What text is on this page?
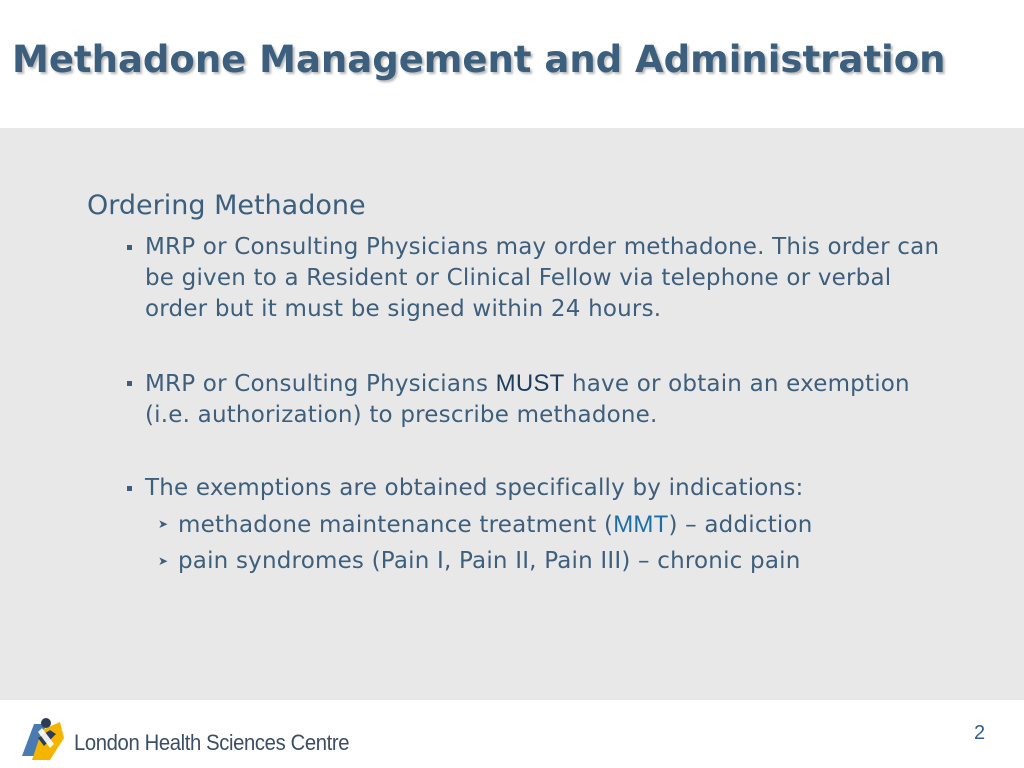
Methadone Management and Administration
Ordering Methadone
MRP or Consulting Physicians may order methadone. This order can be given to a Resident or Clinical Fellow via telephone or verbal order but it must be signed within 24 hours.
MRP or Consulting Physicians MUST have or obtain an exemption (i.e. authorization) to prescribe methadone.
The exemptions are obtained specifically by indications:
➤ methadone maintenance treatment (MMT) – addiction
➤ pain syndromes (Pain I, Pain II, Pain III) – chronic pain
London Health Sciences Centre	2
